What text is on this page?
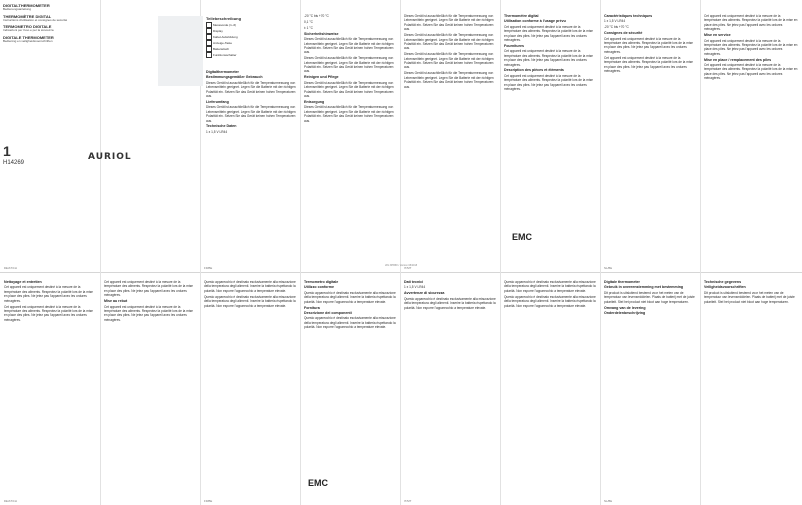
DIGITALTHERMOMETER
Bedienungsanleitung
THERMOMÈTRE DIGITAL
Instructions d'utilisation et consignes de sécurité
TERMOMETRO DIGITALE
Indicazioni per l'uso e per la sicurezza
DIGITALE THERMOMETER
Bediening en veiligheidsvoorschriften
1
H14269
AURIOL
Teilebeschreibung
Messsonde (1–6)
Display
Kabel-Aufwicklung
Anzeige-Taste
Batteriefach
Funktionsschalter
Digitalthermometer
Bestimmungsgemäßer Gebrauch

Dieses Gerät ist ausschließlich für die Temperaturmessung von Lebensmitteln geeignet. Legen Sie die Batterie mit der richtigen Polarität ein. Setzen Sie das Gerät keinen hohen Temperaturen aus.

Lieferumfang

Dieses Gerät ist ausschließlich für die Temperaturmessung von Lebensmitteln geeignet. Legen Sie die Batterie mit der richtigen Polarität ein. Setzen Sie das Gerät keinen hohen Temperaturen aus.

Technische Daten

1 x 1,5 V LR44

-20 °C bis +70 °C

0,1 °C

± 1 °C

Sicherheitshinweise

Dieses Gerät ist ausschließlich für die Temperaturmessung von Lebensmitteln geeignet. Legen Sie die Batterie mit der richtigen Polarität ein. Setzen Sie das Gerät keinen hohen Temperaturen aus.

Dieses Gerät ist ausschließlich für die Temperaturmessung von Lebensmitteln geeignet. Legen Sie die Batterie mit der richtigen Polarität ein. Setzen Sie das Gerät keinen hohen Temperaturen aus.

Reinigen und Pflege

Dieses Gerät ist ausschließlich für die Temperaturmessung von Lebensmitteln geeignet. Legen Sie die Batterie mit der richtigen Polarität ein. Setzen Sie das Gerät keinen hohen Temperaturen aus.

Entsorgung

Dieses Gerät ist ausschließlich für die Temperaturmessung von Lebensmitteln geeignet. Legen Sie die Batterie mit der richtigen Polarität ein. Setzen Sie das Gerät keinen hohen Temperaturen aus.

Dieses Gerät ist ausschließlich für die Temperaturmessung von Lebensmitteln geeignet. Legen Sie die Batterie mit der richtigen Polarität ein. Setzen Sie das Gerät keinen hohen Temperaturen aus.

Dieses Gerät ist ausschließlich für die Temperaturmessung von Lebensmitteln geeignet. Legen Sie die Batterie mit der richtigen Polarität ein. Setzen Sie das Gerät keinen hohen Temperaturen aus.

Dieses Gerät ist ausschließlich für die Temperaturmessung von Lebensmitteln geeignet. Legen Sie die Batterie mit der richtigen Polarität ein. Setzen Sie das Gerät keinen hohen Temperaturen aus.

Dieses Gerät ist ausschließlich für die Temperaturmessung von Lebensmitteln geeignet. Legen Sie die Batterie mit der richtigen Polarität ein. Setzen Sie das Gerät keinen hohen Temperaturen aus.

Thermomètre digital
Utilisation conforme à l'usage prévu

Cet appareil est uniquement destiné à la mesure de la température des aliments. Respectez la polarité lors de la mise en place des piles. Ne jetez pas l'appareil avec les ordures ménagères.

Fournitures

Cet appareil est uniquement destiné à la mesure de la température des aliments. Respectez la polarité lors de la mise en place des piles. Ne jetez pas l'appareil avec les ordures ménagères.

Description des pièces et éléments

Cet appareil est uniquement destiné à la mesure de la température des aliments. Respectez la polarité lors de la mise en place des piles. Ne jetez pas l'appareil avec les ordures ménagères.

EMC
Caractéristiques techniques

1 x 1,5 V LR44

-20 °C bis +70 °C

Consignes de sécurité

Cet appareil est uniquement destiné à la mesure de la température des aliments. Respectez la polarité lors de la mise en place des piles. Ne jetez pas l'appareil avec les ordures ménagères.

Cet appareil est uniquement destiné à la mesure de la température des aliments. Respectez la polarité lors de la mise en place des piles. Ne jetez pas l'appareil avec les ordures ménagères.

Cet appareil est uniquement destiné à la mesure de la température des aliments. Respectez la polarité lors de la mise en place des piles. Ne jetez pas l'appareil avec les ordures ménagères.

Mise en service

Cet appareil est uniquement destiné à la mesure de la température des aliments. Respectez la polarité lors de la mise en place des piles. Ne jetez pas l'appareil avec les ordures ménagères.

Mise en place / remplacement des piles

Cet appareil est uniquement destiné à la mesure de la température des aliments. Respectez la polarité lors de la mise en place des piles. Ne jetez pas l'appareil avec les ordures ménagères.

IAN 305568 • Version 08/2018
Nettoyage et entretien

Cet appareil est uniquement destiné à la mesure de la température des aliments. Respectez la polarité lors de la mise en place des piles. Ne jetez pas l'appareil avec les ordures ménagères.

Cet appareil est uniquement destiné à la mesure de la température des aliments. Respectez la polarité lors de la mise en place des piles. Ne jetez pas l'appareil avec les ordures ménagères.

Cet appareil est uniquement destiné à la mesure de la température des aliments. Respectez la polarité lors de la mise en place des piles. Ne jetez pas l'appareil avec les ordures ménagères.

Mise au rebut

Cet appareil est uniquement destiné à la mesure de la température des aliments. Respectez la polarité lors de la mise en place des piles. Ne jetez pas l'appareil avec les ordures ménagères.

Questo apparecchio è destinato esclusivamente alla misurazione della temperatura degli alimenti. Inserire la batteria rispettando la polarità. Non esporre l'apparecchio a temperature elevate.

Questo apparecchio è destinato esclusivamente alla misurazione della temperatura degli alimenti. Inserire la batteria rispettando la polarità. Non esporre l'apparecchio a temperature elevate.

Termometro digitale
Utilizzo conforme

Questo apparecchio è destinato esclusivamente alla misurazione della temperatura degli alimenti. Inserire la batteria rispettando la polarità. Non esporre l'apparecchio a temperature elevate.

Fornitura
Descrizione dei componenti

Questo apparecchio è destinato esclusivamente alla misurazione della temperatura degli alimenti. Inserire la batteria rispettando la polarità. Non esporre l'apparecchio a temperature elevate.

EMC
Dati tecnici

1 x 1,5 V LR44

Avvertenze di sicurezza

Questo apparecchio è destinato esclusivamente alla misurazione della temperatura degli alimenti. Inserire la batteria rispettando la polarità. Non esporre l'apparecchio a temperature elevate.

Questo apparecchio è destinato esclusivamente alla misurazione della temperatura degli alimenti. Inserire la batteria rispettando la polarità. Non esporre l'apparecchio a temperature elevate.

Questo apparecchio è destinato esclusivamente alla misurazione della temperatura degli alimenti. Inserire la batteria rispettando la polarità. Non esporre l'apparecchio a temperature elevate.

Digitale thermometer
Gebruik in overeenstemming met bestemming

Dit product is uitsluitend bestemd voor het meten van de temperatuur van levensmiddelen. Plaats de batterij met de juiste polariteit. Stel het product niet bloot aan hoge temperaturen.

Omvang van de levering
Onderdelenbeschrijving
Technische gegevens
Veiligheidsvoorschriften

Dit product is uitsluitend bestemd voor het meten van de temperatuur van levensmiddelen. Plaats de batterij met de juiste polariteit. Stel het product niet bloot aan hoge temperaturen.

DE/AT/CH	FR/BE	IT/MT	NL/BE
DE/AT/CH	FR/BE	IT/MT	NL/BE
